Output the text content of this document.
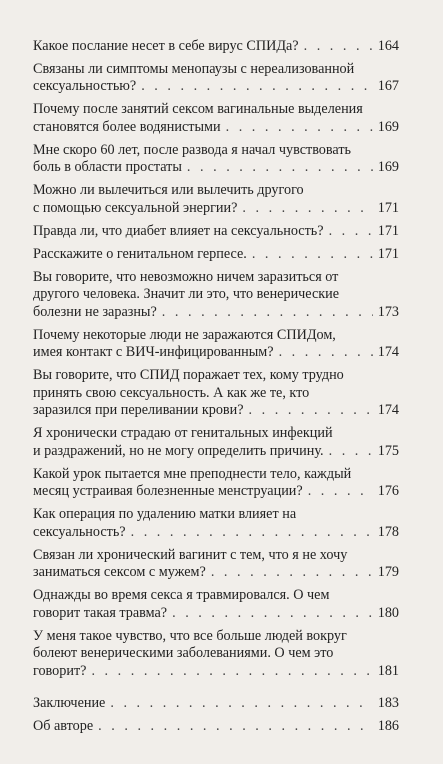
Какое послание несет в себе вирус СПИДа? . . .	164
Связаны ли симптомы менопаузы с нереализованной
сексуальностью? . . .	167
Почему после занятий сексом вагинальные выделения
становятся более водянистыми . . .	169
Мне скоро 60 лет, после развода я начал чувствовать
боль в области простаты . . .	169
Можно ли вылечиться или вылечить другого
с помощью сексуальной энергии? . . .	171
Правда ли, что диабет влияет на сексуальность? . . .	171
Расскажите о генитальном герпесе. . . .	171
Вы говорите, что невозможно ничем заразиться от
другого человека. Значит ли это, что венерические
болезни не заразны? . . .	173
Почему некоторые люди не заражаются СПИДом,
имея контакт с ВИЧ-инфицированным? . . .	174
Вы говорите, что СПИД поражает тех, кому трудно
принять свою сексуальность. А как же те, кто
заразился при переливании крови? . . .	174
Я хронически страдаю от генитальных инфекций
и раздражений, но не могу определить причину. . . .	175
Какой урок пытается мне преподнести тело, каждый
месяц устраивая болезненные менструации? . . .	176
Как операция по удалению матки влияет на
сексуальность? . . .	178
Связан ли хронический вагинит с тем, что я не хочу
заниматься сексом с мужем? . . .	179
Однажды во время секса я травмировался. О чем
говорит такая травма? . . .	180
У меня такое чувство, что все больше людей вокруг
болеют венерическими заболеваниями. О чем это
говорит? . . .	181
Заключение . . .	183
Об авторе . . .	186
